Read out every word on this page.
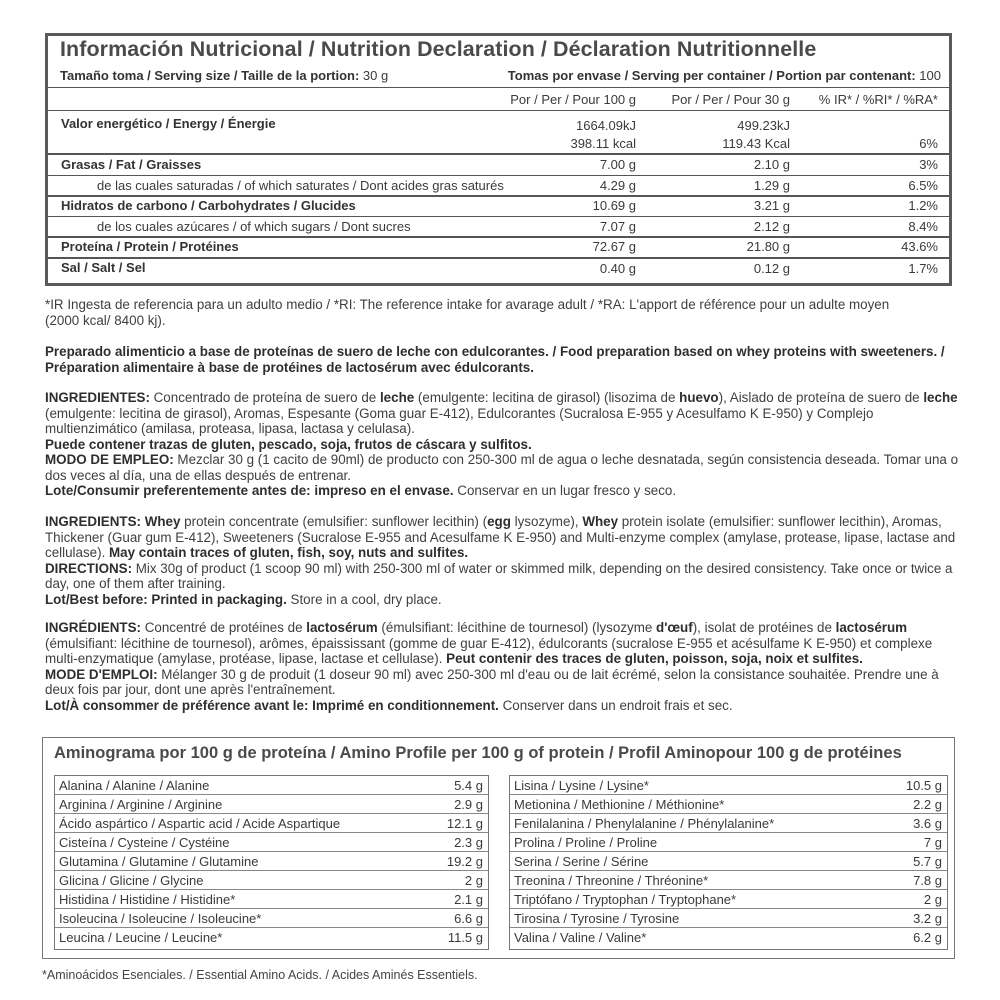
Información Nutricional / Nutrition Declaration / Déclaration Nutritionnelle
Tamaño toma / Serving size / Taille de la portion: 30 g	Tomas por envase / Serving per container / Portion par contenant: 100
Por / Per / Pour 100 g	Por / Per / Pour 30 g % IR* / %RI* / %RA*
Valor energético / Energy / Énergie	1664.09kJ	499.23kJ
398.11 kcal	119.43 Kcal	6%
Grasas / Fat / Graisses	7.00 g	2.10 g	3%
de las cuales saturadas / of which saturates / Dont acides gras saturés	4.29 g	1.29 g	6.5%
Hidratos de carbono / Carbohydrates / Glucides	10.69 g	3.21 g	1.2%
de los cuales azúcares / of which sugars / Dont sucres	7.07 g	2.12 g	8.4%
Proteína / Protein / Protéines	72.67 g	21.80 g	43.6%
Sal / Salt / Sel	0.40 g	0.12 g	1.7%
*IR Ingesta de referencia para un adulto medio / *RI: The reference intake for avarage adult / *RA: L'apport de référence pour un adulte moyen
(2000 kcal/ 8400 kj).
Preparado alimenticio a base de proteínas de suero de leche con edulcorantes. / Food preparation based on whey proteins with sweeteners. /
Préparation alimentaire à base de protéines de lactosérum avec édulcorants.
INGREDIENTES: Concentrado de proteína de suero de leche (emulgente: lecitina de girasol) (lisozima de huevo), Aislado de proteína de suero de leche (emulgente: lecitina de girasol), Aromas, Espesante (Goma guar E-412), Edulcorantes (Sucralosa E-955 y Acesulfamo K E-950) y Complejo multienzimático (amilasa, proteasa, lipasa, lactasa y celulasa).
Puede contener trazas de gluten, pescado, soja, frutos de cáscara y sulfitos.
MODO DE EMPLEO: Mezclar 30 g (1 cacito de 90ml) de producto con 250-300 ml de agua o leche desnatada, según consistencia deseada. Tomar una o dos veces al día, una de ellas después de entrenar.
Lote/Consumir preferentemente antes de: impreso en el envase. Conservar en un lugar fresco y seco.
INGREDIENTS: Whey protein concentrate (emulsifier: sunflower lecithin) (egg lysozyme), Whey protein isolate (emulsifier: sunflower lecithin), Aromas, Thickener (Guar gum E-412), Sweeteners (Sucralose E-955 and Acesulfame K E-950) and Multi-enzyme complex (amylase, protease, lipase, lactase and cellulase). May contain traces of gluten, fish, soy, nuts and sulfites.
DIRECTIONS: Mix 30g of product (1 scoop 90 ml) with 250-300 ml of water or skimmed milk, depending on the desired consistency. Take once or twice a day, one of them after training.
Lot/Best before: Printed in packaging. Store in a cool, dry place.
INGRÉDIENTS: Concentré de protéines de lactosérum (émulsifiant: lécithine de tournesol) (lysozyme d'œuf), isolat de protéines de lactosérum (émulsifiant: lécithine de tournesol), arômes, épaississant (gomme de guar E-412), édulcorants (sucralose E-955 et acésulfame K E-950) et complexe multi-enzymatique (amylase, protéase, lipase, lactase et cellulase). Peut contenir des traces de gluten, poisson, soja, noix et sulfites.
MODE D'EMPLOI: Mélanger 30 g de produit (1 doseur 90 ml) avec 250-300 ml d'eau ou de lait écrémé, selon la consistance souhaitée. Prendre une à deux fois par jour, dont une après l'entraînement.
Lot/À consommer de préférence avant le: Imprimé en conditionnement. Conserver dans un endroit frais et sec.
Aminograma por 100 g de proteína / Amino Profile per 100 g of protein / Profil Aminopour 100 g de protéines
Alanina / Alanine / Alanine	5.4 g
Arginina / Arginine / Arginine	2.9 g
Ácido aspártico / Aspartic acid / Acide Aspartique	12.1 g
Cisteína / Cysteine / Cystéine	2.3 g
Glutamina / Glutamine / Glutamine	19.2 g
Glicina / Glicine / Glycine	2 g
Histidina / Histidine / Histidine*	2.1 g
Isoleucina / Isoleucine / Isoleucine*	6.6 g
Leucina / Leucine / Leucine*	11.5 g
Lisina / Lysine / Lysine*	10.5 g
Metionina / Methionine / Méthionine*	2.2 g
Fenilalanina / Phenylalanine / Phénylalanine*	3.6 g
Prolina / Proline / Proline	7 g
Serina / Serine / Sérine	5.7 g
Treonina / Threonine / Thréonine*	7.8 g
Triptófano / Tryptophan / Tryptophane*	2 g
Tirosina / Tyrosine / Tyrosine	3.2 g
Valina / Valine / Valine*	6.2 g
*Aminoácidos Esenciales. / Essential Amino Acids. / Acides Aminés Essentiels.
